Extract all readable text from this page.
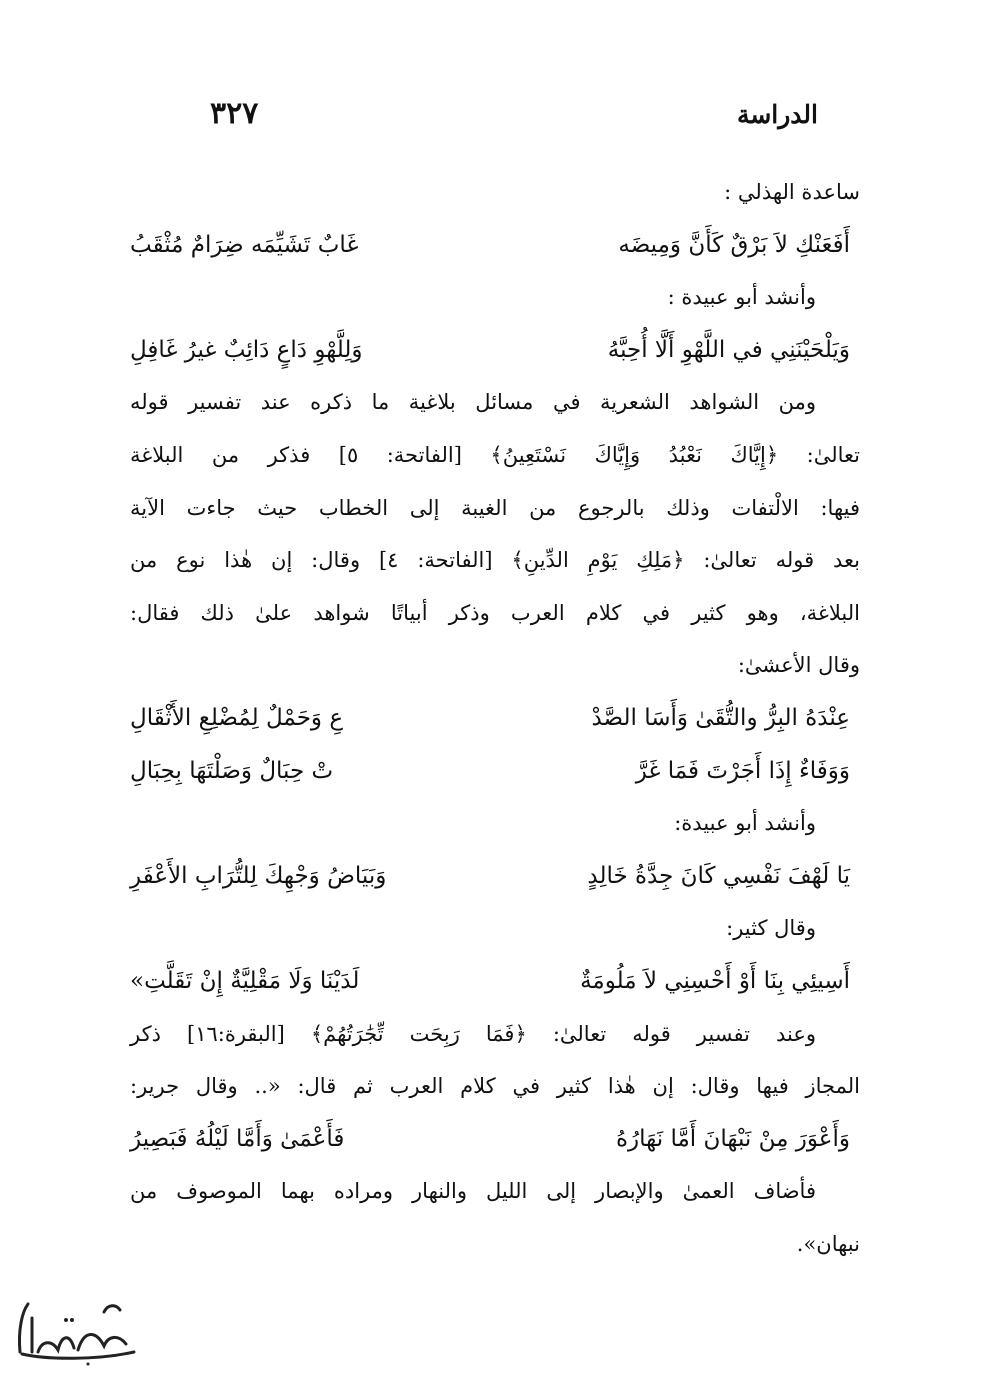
الدراسة
٣٢٧
ساعدة الهذلي :
أَفَعَنْكِ لاَ بَرْقٌ كَأَنَّ وَمِيضَه
غَابٌ تَشَيِّمَه ضِرَامٌ مُثْقَبُ
وأنشد أبو عبيدة :
وَيَلْحَيْنَنِي في اللَّهْوِ أَلَّا أُحِبَّهُ
وَلِلَّهْوِ دَاعٍ دَائِبٌ غيرُ غَافِلِ
ومن الشواهد الشعرية في مسائل بلاغية ما ذكره عند تفسير قوله
تعالىٰ: ﴿إِيَّاكَ نَعْبُدُ وَإِيَّاكَ نَسْتَعِينُ﴾ [الفاتحة: ٥] فذكر من البلاغة
فيها: الالْتفات وذلك بالرجوع من الغيبة إلى الخطاب حيث جاءت الآية
بعد قوله تعالىٰ: ﴿مَلِكِ يَوْمِ الدِّينِ﴾ [الفاتحة: ٤] وقال: إن هٰذا نوع من
البلاغة، وهو كثير في كلام العرب وذكر أبياتًا شواهد علىٰ ذلك فقال:
وقال الأعشىٰ:
عِنْدَهُ البِرُّ والتُّقَىٰ وَأَسَا الصَّدْ
عِ وَحَمْلٌ لِمُضْلِعِ الأَثْقَالِ
وَوَفَاءٌ إِذَا أَجَرْتَ فَمَا غَرَّ
تْ حِبَالٌ وَصَلْتَهَا بِحِبَالِ
وأنشد أبو عبيدة:
يَا لَهْفَ نَفْسِي كَانَ جِدَّةُ خَالِدٍ
وَبَيَاضُ وَجْهِكَ لِلتُّرَابِ الأَعْفَرِ
وقال كثير:
أَسِيئِي بِنَا أَوْ أَحْسِنِي لاَ مَلُومَةٌ
لَدَيْنَا وَلَا مَقْلِيَّةٌ إِنْ تَقَلَّتِ»
وعند تفسير قوله تعالىٰ: ﴿فَمَا رَبِحَت تِّجَٰرَتُهُمْ﴾ [البقرة:١٦] ذكر
المجاز فيها وقال: إن هٰذا كثير في كلام العرب ثم قال: «.. وقال جرير:
وَأَعْوَرَ مِنْ نَبْهَانَ أَمَّا نَهَارُهُ
فَأَعْمَىٰ وَأَمَّا لَيْلُهُ فَبَصِيرُ
فأضاف العمىٰ والإبصار إلى الليل والنهار ومراده بهما الموصوف من
نبهان».
